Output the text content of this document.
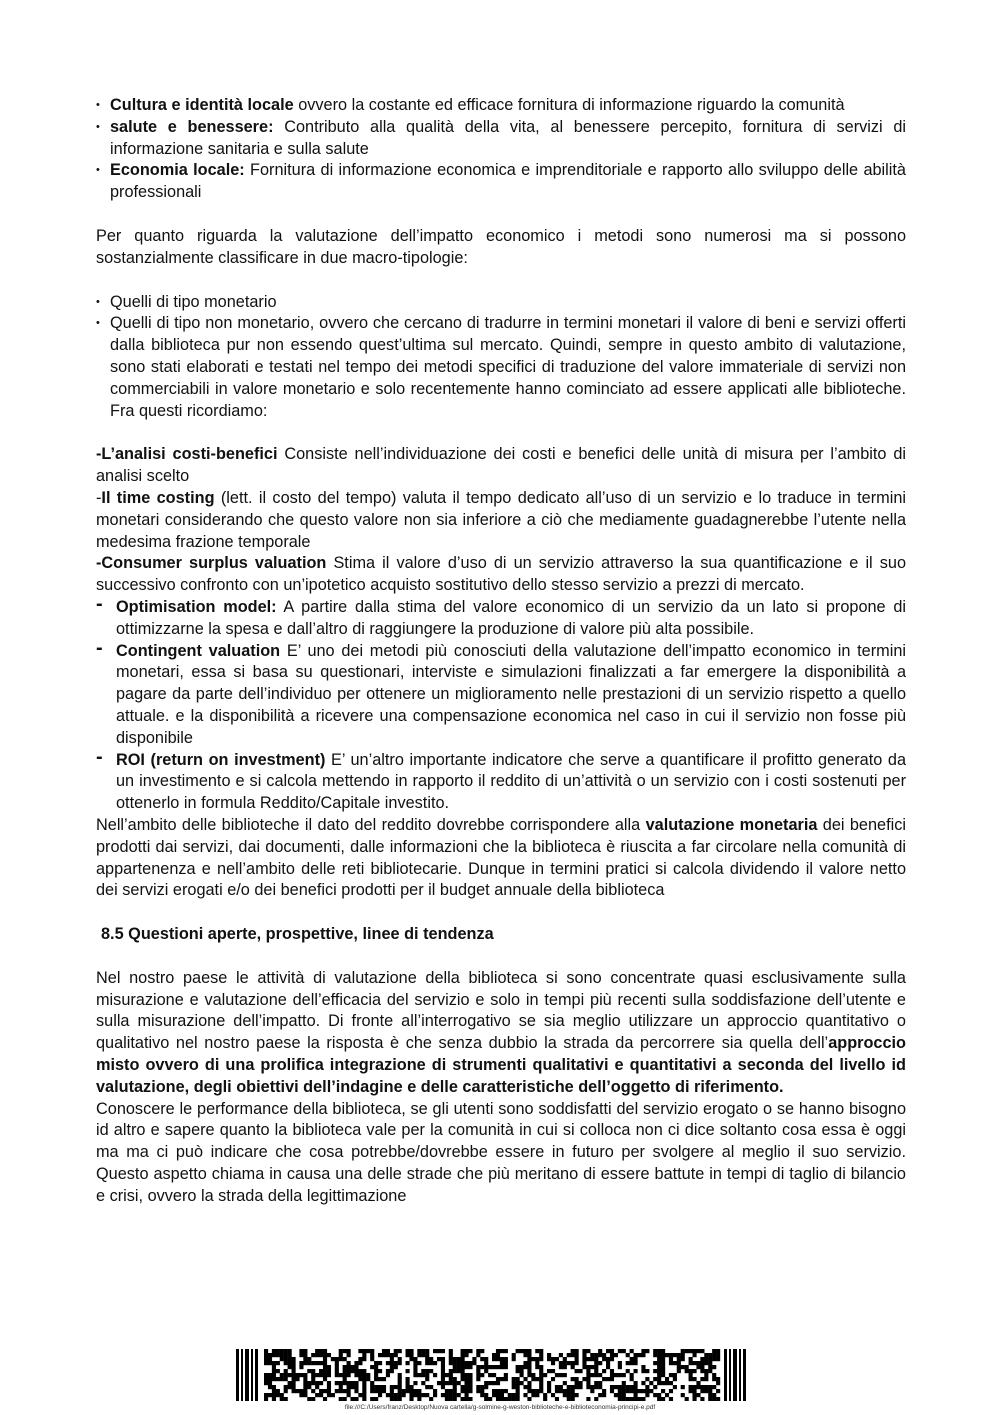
• Cultura e identità locale ovvero la costante ed efficace fornitura di informazione riguardo la comunità
• salute e benessere: Contributo alla qualità della vita, al benessere percepito, fornitura di servizi di informazione sanitaria e sulla salute
• Economia locale: Fornitura di informazione economica e imprenditoriale e rapporto allo sviluppo delle abilità professionali

Per quanto riguarda la valutazione dell’impatto economico i metodi sono numerosi ma si possono sostanzialmente classificare in due macro-tipologie:

• Quelli di tipo monetario
• Quelli di tipo non monetario, ovvero che cercano di tradurre in termini monetari il valore di beni e servizi offerti dalla biblioteca pur non essendo quest’ultima sul mercato. Quindi, sempre in questo ambito di valutazione, sono stati elaborati e testati nel tempo dei metodi specifici di traduzione del valore immateriale di servizi non commerciabili in valore monetario e solo recentemente hanno cominciato ad essere applicati alle biblioteche. Fra questi ricordiamo:

-L’analisi costi-benefici Consiste nell’individuazione dei costi e benefici delle unità di misura per l’ambito di analisi scelto

-Il time costing (lett. il costo del tempo) valuta il tempo dedicato all’uso di un servizio e lo traduce in termini monetari considerando che questo valore non sia inferiore a ciò che mediamente guadagnerebbe l’utente nella medesima frazione temporale

-Consumer surplus valuation Stima il valore d’uso di un servizio attraverso la sua quantificazione e il suo successivo confronto con un’ipotetico acquisto sostitutivo dello stesso servizio a prezzi di mercato.

- Optimisation model: A partire dalla stima del valore economico di un servizio da un lato si propone di ottimizzarne la spesa e dall’altro di raggiungere la produzione di valore più alta possibile.
- Contingent valuation E’ uno dei metodi più conosciuti della valutazione dell’impatto economico in termini monetari, essa si basa su questionari, interviste e simulazioni finalizzati a far emergere la disponibilità a pagare da parte dell’individuo per ottenere un miglioramento nelle prestazioni di un servizio rispetto a quello attuale. e la disponibilità a ricevere una compensazione economica nel caso in cui il servizio non fosse più disponibile
- ROI (return on investment) E’ un’altro importante indicatore che serve a quantificare il profitto generato da un investimento e si calcola mettendo in rapporto il reddito di un’attività o un servizio con i costi sostenuti per ottenerlo in formula Reddito/Capitale investito.

Nell’ambito delle biblioteche il dato del reddito dovrebbe corrispondere alla valutazione monetaria dei benefici prodotti dai servizi, dai documenti, dalle informazioni che la biblioteca è riuscita a far circolare nella comunità di appartenenza e nell’ambito delle reti bibliotecarie. Dunque in termini pratici si calcola dividendo il valore netto dei servizi erogati e/o dei benefici prodotti per il budget annuale della biblioteca

8.5 Questioni aperte, prospettive, linee di tendenza

Nel nostro paese le attività di valutazione della biblioteca si sono concentrate quasi esclusivamente sulla misurazione e valutazione dell’efficacia del servizio e solo in tempi più recenti sulla soddisfazione dell’utente e sulla misurazione dell’impatto. Di fronte all’interrogativo se sia meglio utilizzare un approccio quantitativo o qualitativo nel nostro paese la risposta è che senza dubbio la strada da percorrere sia quella dell’approccio misto ovvero di una prolifica integrazione di strumenti qualitativi e quantitativi a seconda del livello id valutazione, degli obiettivi dell’indagine e delle caratteristiche dell’oggetto di riferimento.

Conoscere le performance della biblioteca, se gli utenti sono soddisfatti del servizio erogato o se hanno bisogno id altro e sapere quanto la biblioteca vale per la comunità in cui si colloca non ci dice soltanto cosa essa è oggi ma ma ci può indicare che cosa potrebbe/dovrebbe essere in futuro per svolgere al meglio il suo servizio. Questo aspetto chiama in causa una delle strade che più meritano di essere battute in tempi di taglio di bilancio e crisi, ovvero la strada della legittimazione

file:///C:/Users/franz/Desktop/Nuova cartella/g-solmine-g-weston-biblioteche-e-biblioteconomia-principi-e.pdf
